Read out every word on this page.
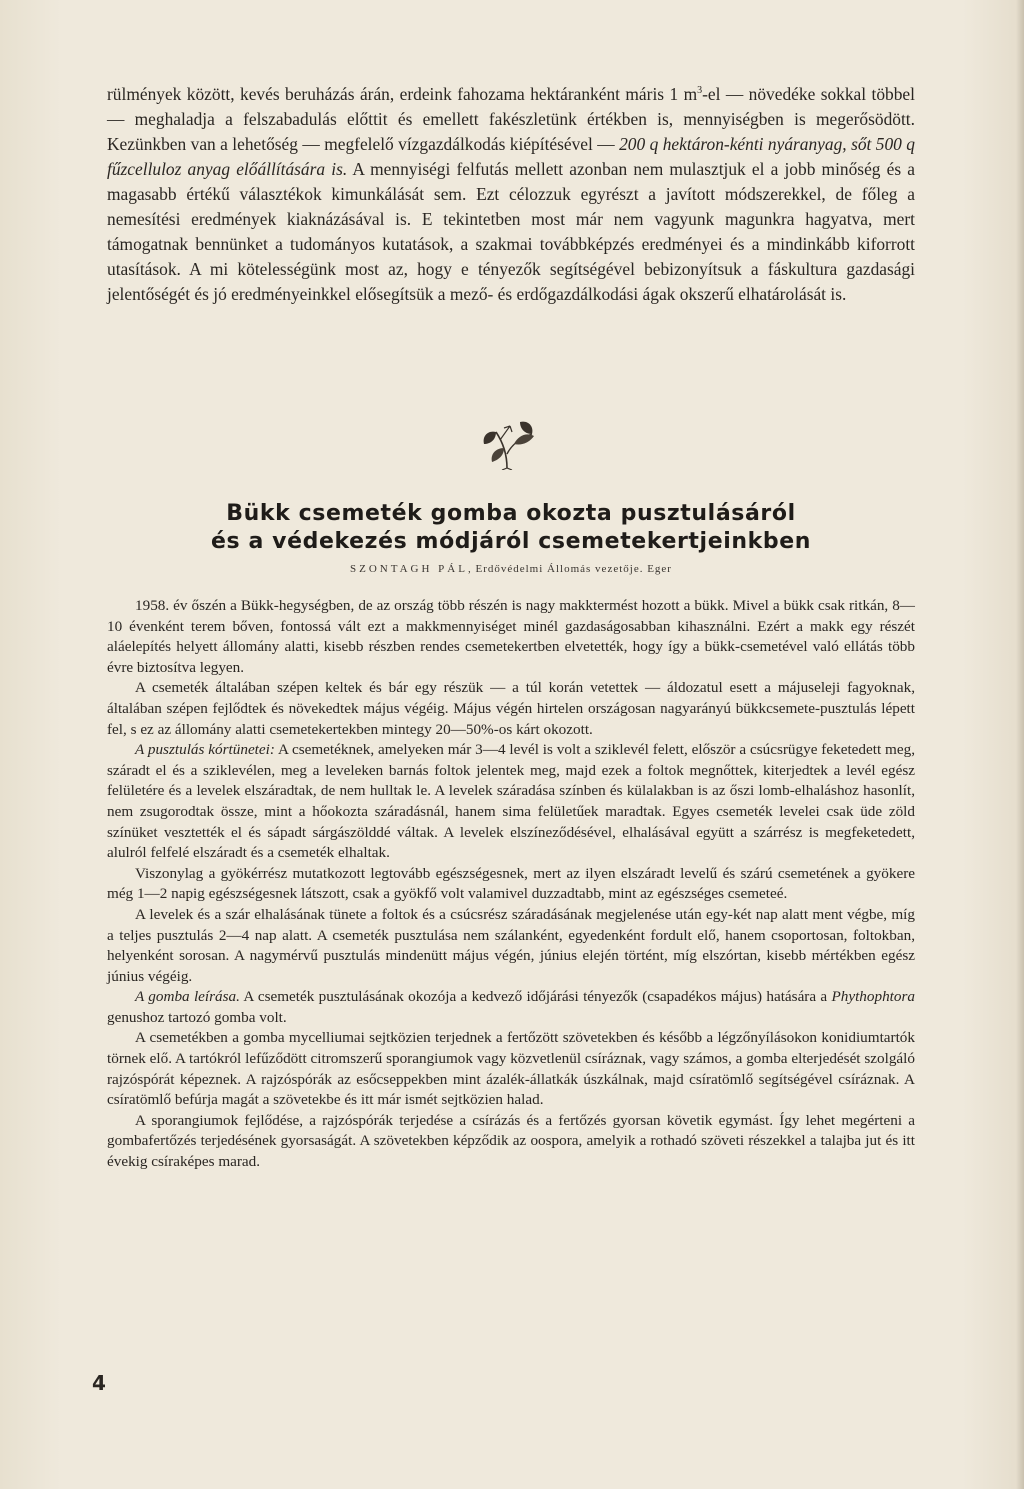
rülmények között, kevés beruházás árán, erdeink fahozama hektáranként máris 1 $m^3-el$ — növedéke sokkal többel — meghaladja a felszabadulás előttit és emellett fakészletünk értékben is, mennyiségben is megerősödött. Kezünkben van a lehetőség — megfelelő vízgazdálkodás kiépítésével — 200 q hektáron-kénti nyáranyag, sőt 500 q fűzcelluloz anyag előállítására is. A mennyiségi felfutás mellett azonban nem mulasztjuk el a jobb minőség és a magasabb értékű választékok kimunkálását sem. Ezt célozzuk egyrészt a javított módszerekkel, de főleg a nemesítési eredmények kiaknázásával is. E tekintetben most már nem vagyunk magunkra hagyatva, mert támogatnak bennünket a tudományos kutatások, a szakmai továbbképzés eredményei és a mindinkább kiforrott utasítások. A mi kötelességünk most az, hogy e tényezők segítségével bebizonyítsuk a fáskultura gazdasági jelentőségét és jó eredményeinkkel elősegítsük a mező- és erdőgazdálkodási ágak okszerű elhatárolását is.

Bükk csemeték gomba okozta pusztulásáról
és a védekezés módjáról csemetekertjeinkben
SZONTAGH PÁL, Erdővédelmi Állomás vezetője. Eger

1958. év őszén a Bükk-hegységben, de az ország több részén is nagy makktermést hozott a bükk. Mivel a bükk csak ritkán, 8—10 évenként terem bőven, fontossá vált ezt a makkmennyiséget minél gazdaságosabban kihasználni. Ezért a makk egy részét aláelepítés helyett állomány alatti, kisebb részben rendes csemetekertben elvetették, hogy így a bükk-csemetével való ellátás több évre biztosítva legyen.

A csemeték általában szépen keltek és bár egy részük — a túl korán vetettek — áldozatul esett a májuseleji fagyoknak, általában szépen fejlődtek és növekedtek május végéig. Május végén hirtelen országosan nagyarányú bükkcsemete-pusztulás lépett fel, s ez az állomány alatti csemetekertekben mintegy 20—50%-os kárt okozott.

A pusztulás kórtünetei: A csemetéknek, amelyeken már 3—4 levél is volt a sziklevél felett, először a csúcsrügye feketedett meg, száradt el és a sziklevélen, meg a leveleken barnás foltok jelentek meg, majd ezek a foltok megnőttek, kiterjedtek a levél egész felületére és a levelek elszáradtak, de nem hulltak le. A levelek száradása színben és külalakban is az őszi lomb-elhaláshoz hasonlít, nem zsugorodtak össze, mint a hőokozta száradásnál, hanem sima felületűek maradtak. Egyes csemeték levelei csak üde zöld színüket vesztették el és sápadt sárgászölddé váltak. A levelek elszíneződésével, elhalásával együtt a szárrész is megfeketedett, alulról felfelé elszáradt és a csemeték elhaltak.

Viszonylag a gyökérrész mutatkozott legtovább egészségesnek, mert az ilyen elszáradt levelű és szárú csemetének a gyökere még 1—2 napig egészségesnek látszott, csak a gyökfő volt valamivel duzzadtabb, mint az egészséges csemeteé.

A levelek és a szár elhalásának tünete a foltok és a csúcsrész száradásának megjelenése után egy-két nap alatt ment végbe, míg a teljes pusztulás 2—4 nap alatt. A csemeték pusztulása nem szálanként, egyedenként fordult elő, hanem csoportosan, foltokban, helyenként sorosan. A nagymérvű pusztulás mindenütt május végén, június elején történt, míg elszórtan, kisebb mértékben egész június végéig.

A gomba leírása. A csemeték pusztulásának okozója a kedvező időjárási tényezők (csapadékos május) hatására a Phythophtora genushoz tartozó gomba volt.

A csemetékben a gomba mycelliumai sejtközien terjednek a fertőzött szövetekben és később a légzőnyílásokon konidiumtartók törnek elő. A tartókról lefűződött citromszerű sporangiumok vagy közvetlenül csíráznak, vagy számos, a gomba elterjedését szolgáló rajzóspórát képeznek. A rajzóspórák az esőcseppekben mint ázalék-állatkák úszkálnak, majd csíratömlő segítségével csíráznak. A csíratömlő befúrja magát a szövetekbe és itt már ismét sejtközien halad.

A sporangiumok fejlődése, a rajzóspórák terjedése a csírázás és a fertőzés gyorsan követik egymást. Így lehet megérteni a gombafertőzés terjedésének gyorsaságát. A szövetekben képződik az oospora, amelyik a rothadó szöveti részekkel a talajba jut és itt évekig csíraképes marad.

4
